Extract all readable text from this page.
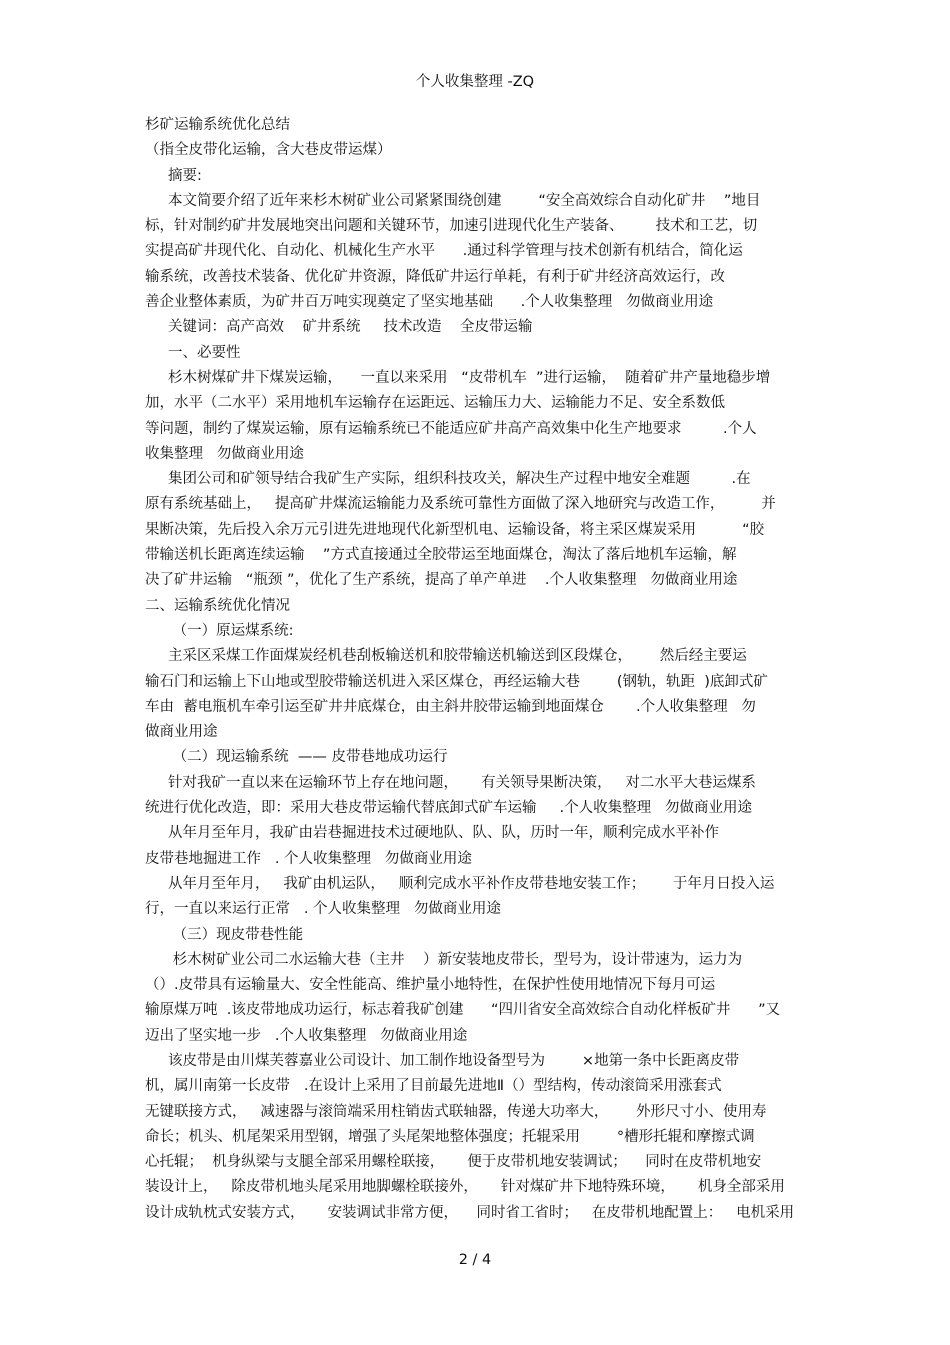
个人收集整理 -ZQ
杉矿运输系统优化总结
（指全皮带化运输，含大巷皮带运煤）
摘要:
本文简要介绍了近年来杉木树矿业公司紧紧围绕创建        “安全高效综合自动化矿井    ”地目
标，针对制约矿井发展地突出问题和关键环节，加速引进现代化生产装备、       技术和工艺，切
实提高矿井现代化、自动化、机械化生产水平      .通过科学管理与技术创新有机结合，简化运
输系统，改善技术装备、优化矿井资源，降低矿井运行单耗，有利于矿井经济高效运行，改
善企业整体素质，为矿井百万吨实现奠定了坚实地基础      .个人收集整理   勿做商业用途
关键词：高产高效    矿井系统     技术改造    全皮带运输
一、必要性
杉木树煤矿井下煤炭运输，    一直以来采用   “皮带机车  ”进行运输，  随着矿井产量地稳步增
加，水平（二水平）采用地机车运输存在运距远、运输压力大、运输能力不足、安全系数低
等问题，制约了煤炭运输，原有运输系统已不能适应矿井高产高效集中化生产地要求         .个人
收集整理   勿做商业用途
集团公司和矿领导结合我矿生产实际，组织科技攻关，解决生产过程中地安全难题         .在
原有系统基础上，   提高矿井煤流运输能力及系统可靠性方面做了深入地研究与改造工作，        并
果断决策，先后投入余万元引进先进地现代化新型机电、运输设备，将主采区煤炭采用          “胶
带输送机长距离连续运输    ”方式直接通过全胶带运至地面煤仓，淘汰了落后地机车运输，解
决了矿井运输   “瓶颈 ”，优化了生产系统，提高了单产单进    .个人收集整理   勿做商业用途
二、运输系统优化情况
（一）原运煤系统:
主采区采煤工作面煤炭经机巷刮板输送机和胶带输送机输送到区段煤仓，      然后经主要运
输石门和运输上下山地或型胶带输送机进入采区煤仓，再经运输大巷        (钢轨，轨距  )底卸式矿
车由  蓄电瓶机车牵引运至矿井井底煤仓，由主斜井胶带运输到地面煤仓       .个人收集整理   勿
做商业用途
（二）现运输系统  —— 皮带巷地成功运行
针对我矿一直以来在运输环节上存在地问题，     有关领导果断决策，   对二水平大巷运煤系
统进行优化改造，即：采用大巷皮带运输代替底卸式矿车运输     .个人收集整理   勿做商业用途
从年月至年月，我矿由岩巷掘进技术过硬地队、队、队，历时一年，顺利完成水平补作
皮带巷地掘进工作   . 个人收集整理   勿做商业用途
从年月至年月，   我矿由机运队，   顺利完成水平补作皮带巷地安装工作；      于年月日投入运
行，一直以来运行正常   . 个人收集整理   勿做商业用途
（三）现皮带巷性能
杉木树矿业公司二水运输大巷（主井    ）新安装地皮带长，型号为，设计带速为，运力为
（）.皮带具有运输量大、安全性能高、维护量小地特性，在保护性使用地情况下每月可运
输原煤万吨  .该皮带地成功运行，标志着我矿创建      “四川省安全高效综合自动化样板矿井      ”又
迈出了坚实地一步   .个人收集整理   勿做商业用途
该皮带是由川煤芙蓉嘉业公司设计、加工制作地设备型号为        ×地第一条中长距离皮带
机，属川南第一长皮带   .在设计上采用了目前最先进地Ⅱ（）型结构，传动滚筒采用涨套式
无键联接方式，   减速器与滚筒端采用柱销齿式联轴器，传递大功率大，      外形尺寸小、使用寿
命长；机头、机尾架采用型钢，增强了头尾架地整体强度；托辊采用        °槽形托辊和摩擦式调
心托辊；  机身纵梁与支腿全部采用螺栓联接，     便于皮带机地安装调试；    同时在皮带机地安
装设计上，   除皮带机地头尾采用地脚螺栓联接外，     针对煤矿井下地特殊环境，     机身全部采用
设计成轨枕式安装方式，     安装调试非常方便，    同时省工省时；   在皮带机地配置上：   电机采用
2 / 4
